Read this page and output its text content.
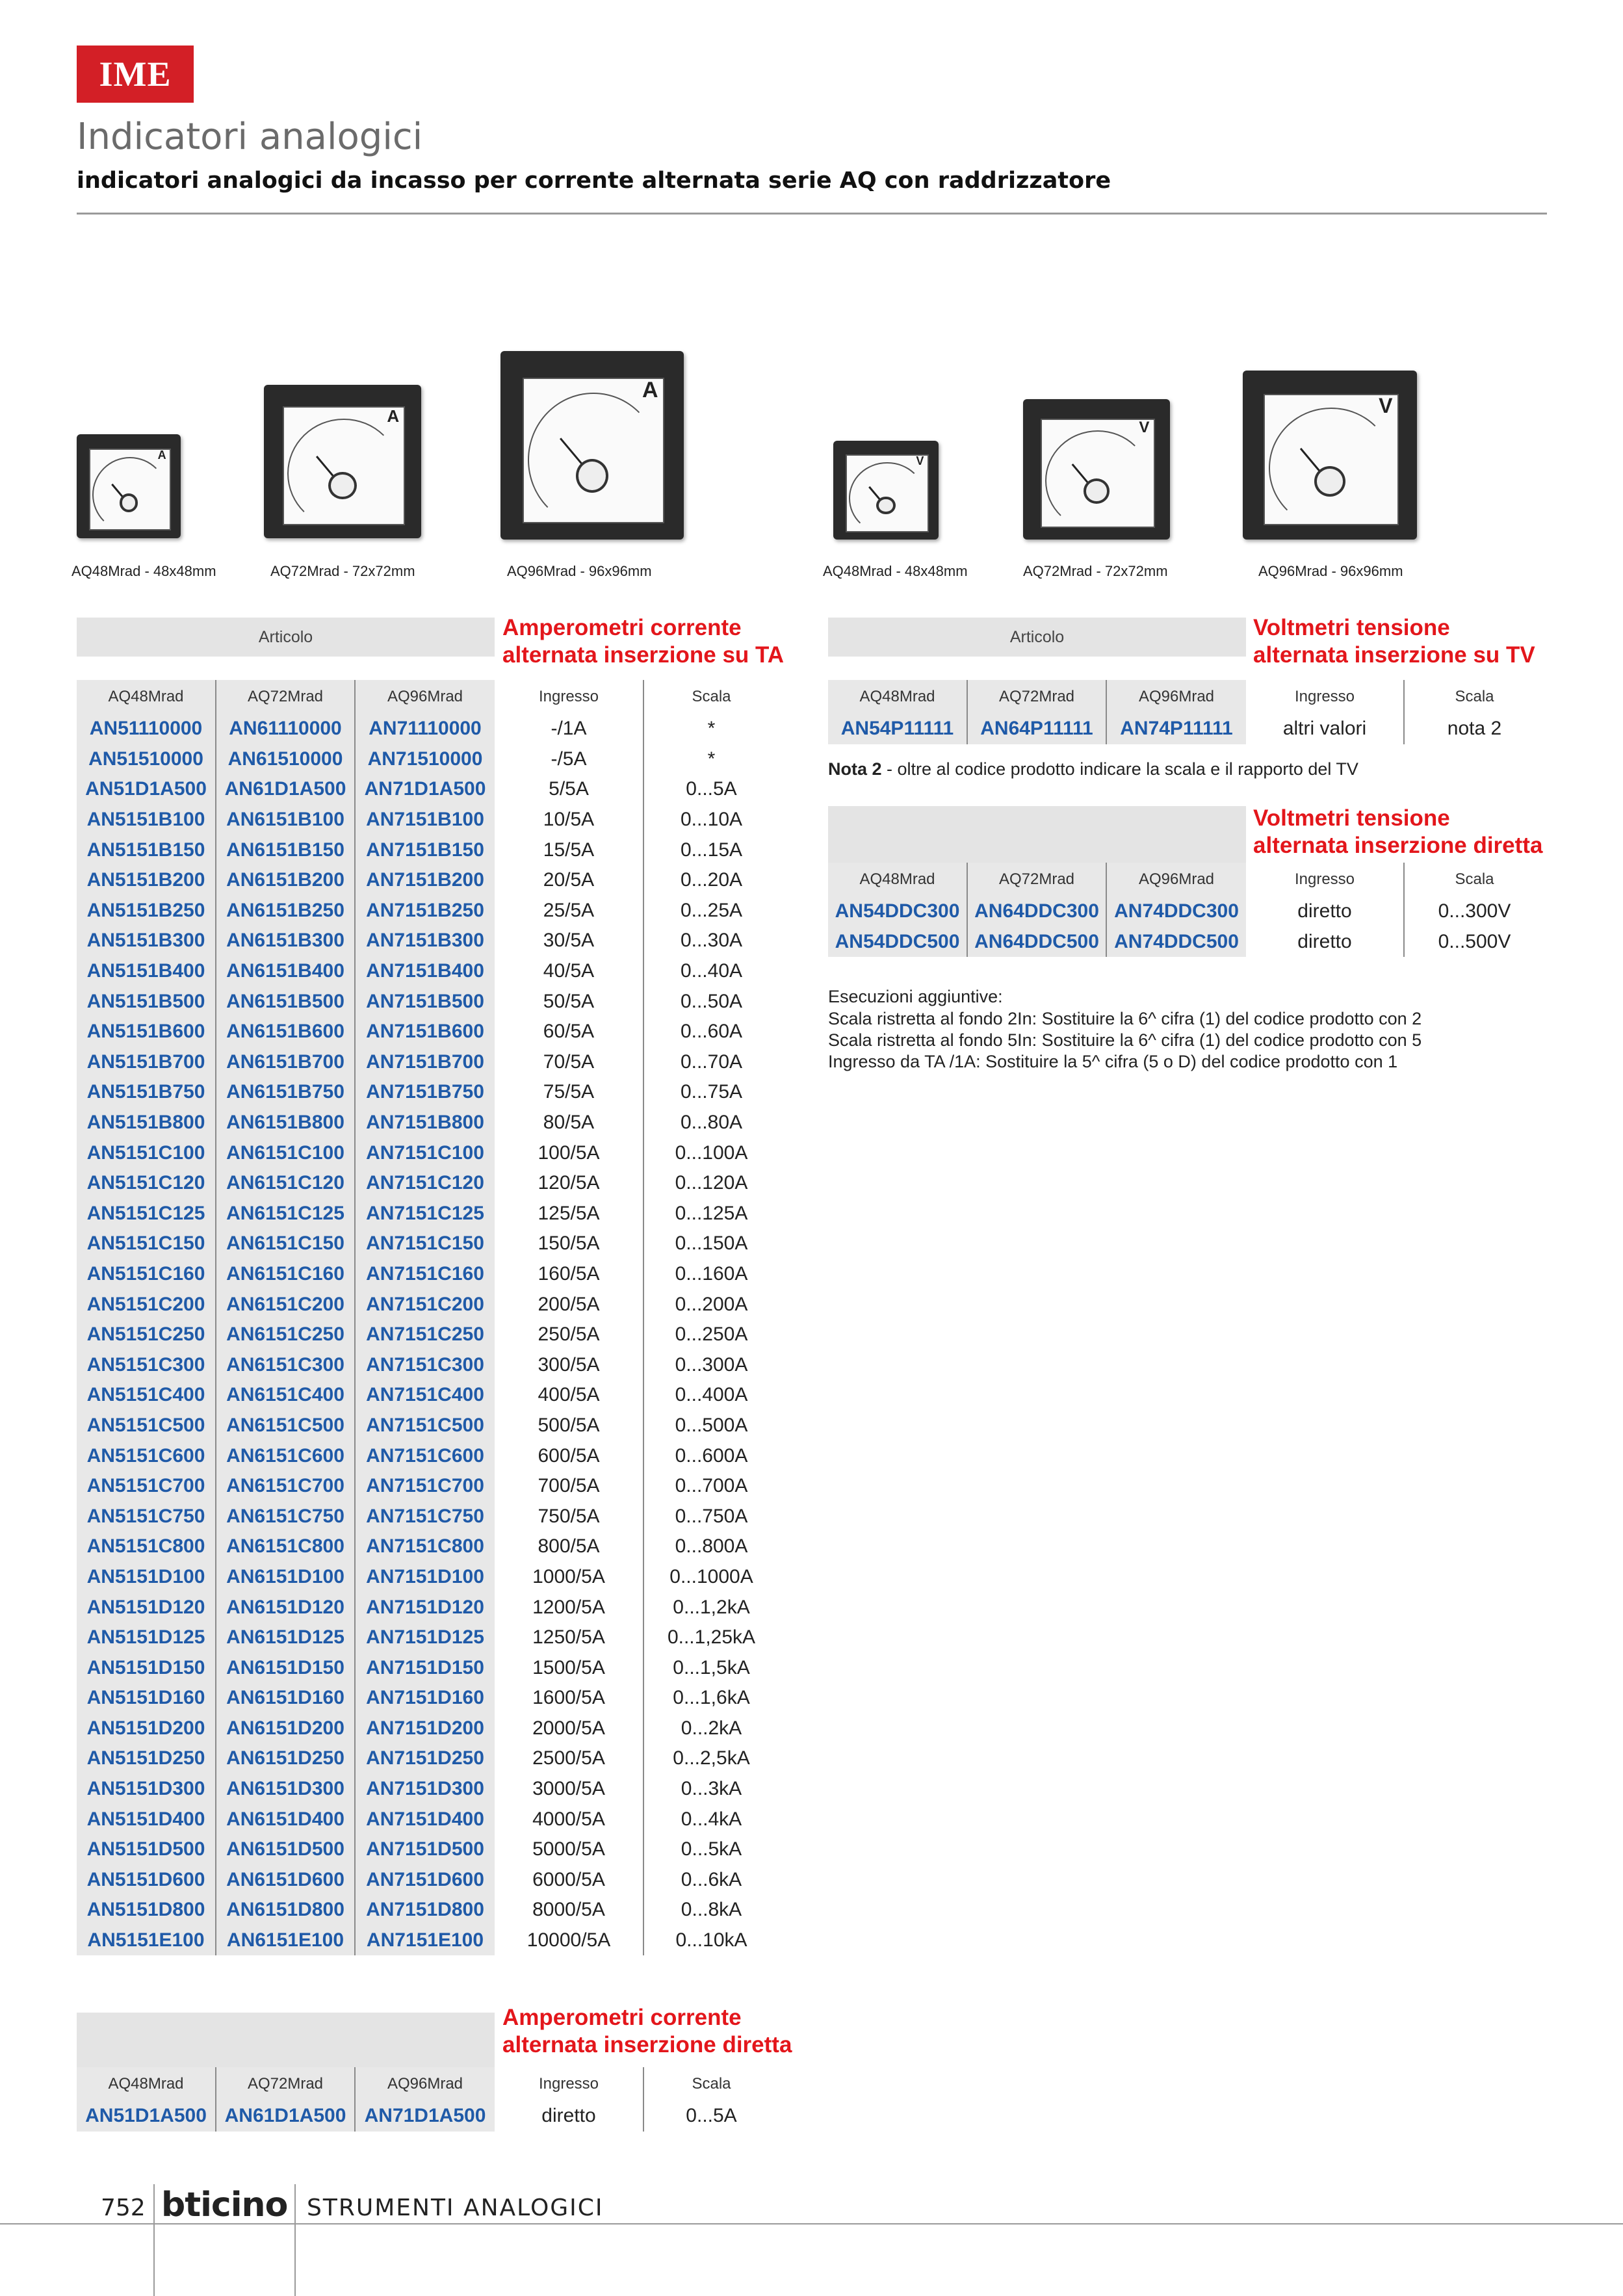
IME
Indicatori analogici
indicatori analogici da incasso per corrente alternata serie AQ con raddrizzatore
A
A
A
AQ48Mrad - 48x48mm	AQ72Mrad - 72x72mm	AQ96Mrad - 96x96mm
V
V
V
AQ48Mrad - 48x48mm	AQ72Mrad - 72x72mm	AQ96Mrad - 96x96mm
Articolo	Amperometri corrente
alternata inserzione su TA
AQ48Mrad	AQ72Mrad	AQ96Mrad	Ingresso	Scala
AN51110000	AN61110000	AN71110000	-/1A	*
AN51510000	AN61510000	AN71510000	-/5A	*
AN51D1A500	AN61D1A500	AN71D1A500	5/5A	0...5A
AN5151B100	AN6151B100	AN7151B100	10/5A	0...10A
AN5151B150	AN6151B150	AN7151B150	15/5A	0...15A
AN5151B200	AN6151B200	AN7151B200	20/5A	0...20A
AN5151B250	AN6151B250	AN7151B250	25/5A	0...25A
AN5151B300	AN6151B300	AN7151B300	30/5A	0...30A
AN5151B400	AN6151B400	AN7151B400	40/5A	0...40A
AN5151B500	AN6151B500	AN7151B500	50/5A	0...50A
AN5151B600	AN6151B600	AN7151B600	60/5A	0...60A
AN5151B700	AN6151B700	AN7151B700	70/5A	0...70A
AN5151B750	AN6151B750	AN7151B750	75/5A	0...75A
AN5151B800	AN6151B800	AN7151B800	80/5A	0...80A
AN5151C100	AN6151C100	AN7151C100	100/5A	0...100A
AN5151C120	AN6151C120	AN7151C120	120/5A	0...120A
AN5151C125	AN6151C125	AN7151C125	125/5A	0...125A
AN5151C150	AN6151C150	AN7151C150	150/5A	0...150A
AN5151C160	AN6151C160	AN7151C160	160/5A	0...160A
AN5151C200	AN6151C200	AN7151C200	200/5A	0...200A
AN5151C250	AN6151C250	AN7151C250	250/5A	0...250A
AN5151C300	AN6151C300	AN7151C300	300/5A	0...300A
AN5151C400	AN6151C400	AN7151C400	400/5A	0...400A
AN5151C500	AN6151C500	AN7151C500	500/5A	0...500A
AN5151C600	AN6151C600	AN7151C600	600/5A	0...600A
AN5151C700	AN6151C700	AN7151C700	700/5A	0...700A
AN5151C750	AN6151C750	AN7151C750	750/5A	0...750A
AN5151C800	AN6151C800	AN7151C800	800/5A	0...800A
AN5151D100	AN6151D100	AN7151D100	1000/5A	0...1000A
AN5151D120	AN6151D120	AN7151D120	1200/5A	0...1,2kA
AN5151D125	AN6151D125	AN7151D125	1250/5A	0...1,25kA
AN5151D150	AN6151D150	AN7151D150	1500/5A	0...1,5kA
AN5151D160	AN6151D160	AN7151D160	1600/5A	0...1,6kA
AN5151D200	AN6151D200	AN7151D200	2000/5A	0...2kA
AN5151D250	AN6151D250	AN7151D250	2500/5A	0...2,5kA
AN5151D300	AN6151D300	AN7151D300	3000/5A	0...3kA
AN5151D400	AN6151D400	AN7151D400	4000/5A	0...4kA
AN5151D500	AN6151D500	AN7151D500	5000/5A	0...5kA
AN5151D600	AN6151D600	AN7151D600	6000/5A	0...6kA
AN5151D800	AN6151D800	AN7151D800	8000/5A	0...8kA
AN5151E100	AN6151E100	AN7151E100	10000/5A	0...10kA
Amperometri corrente
alternata inserzione diretta
AQ48Mrad	AQ72Mrad	AQ96Mrad	Ingresso	Scala
AN51D1A500	AN61D1A500	AN71D1A500	diretto	0...5A
Articolo	Voltmetri tensione
alternata inserzione su TV
AQ48Mrad	AQ72Mrad	AQ96Mrad	Ingresso	Scala
AN54P11111	AN64P11111	AN74P11111	altri valori	nota 2
Nota 2 - oltre al codice prodotto indicare la scala e il rapporto del TV
Voltmetri tensione
alternata inserzione diretta
AQ48Mrad	AQ72Mrad	AQ96Mrad	Ingresso	Scala
AN54DDC300	AN64DDC300	AN74DDC300	diretto	0...300V
AN54DDC500	AN64DDC500	AN74DDC500	diretto	0...500V
Esecuzioni aggiuntive:
Scala ristretta al fondo 2In: Sostituire la 6^ cifra (1) del codice prodotto con 2
Scala ristretta al fondo 5In: Sostituire la 6^ cifra (1) del codice prodotto con 5
Ingresso da TA /1A: Sostituire la 5^ cifra (5 o D) del codice prodotto con 1
752 bticino STRUMENTI ANALOGICI
